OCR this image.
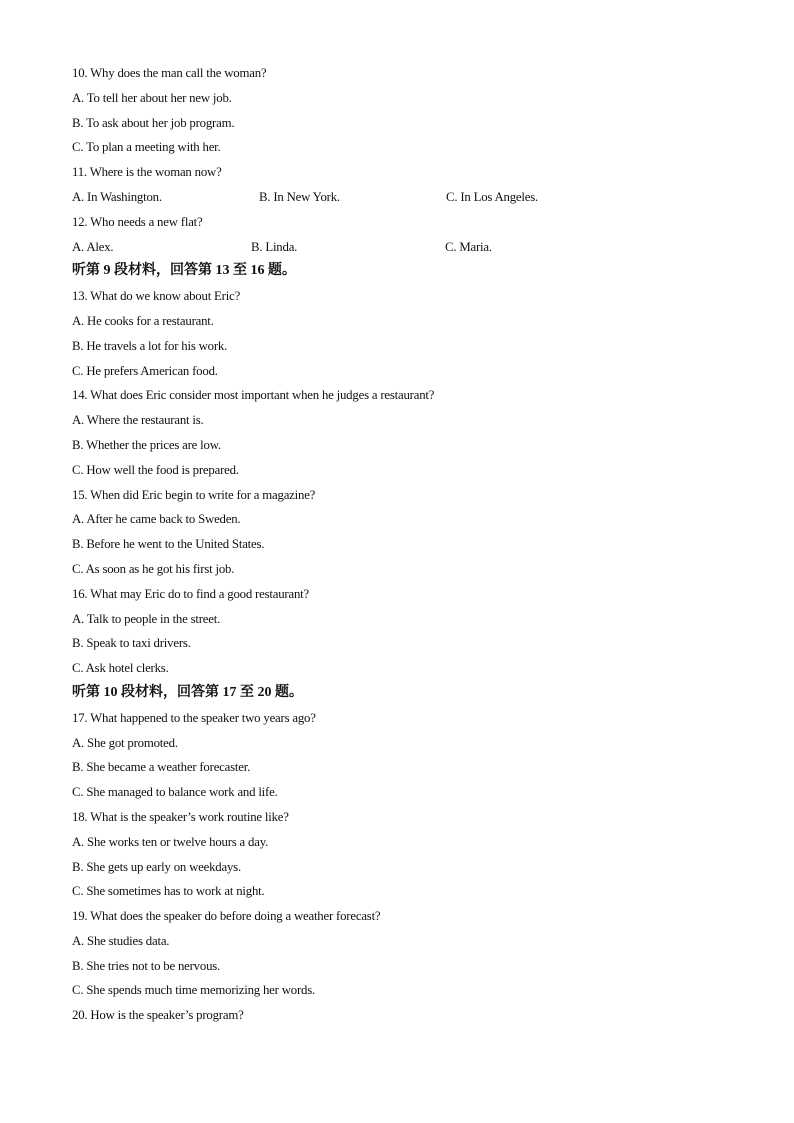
10. Why does the man call the woman?
A. To tell her about her new job.
B. To ask about her job program.
C. To plan a meeting with her.
11. Where is the woman now?
A. In Washington.	B. In New York.	C. In Los Angeles.
12. Who needs a new flat?
A. Alex.	B. Linda.	C. Maria.
听第 9 段材料，回答第 13 至 16 题。
13. What do we know about Eric?
A. He cooks for a restaurant.
B. He travels a lot for his work.
C. He prefers American food.
14. What does Eric consider most important when he judges a restaurant?
A. Where the restaurant is.
B. Whether the prices are low.
C. How well the food is prepared.
15. When did Eric begin to write for a magazine?
A. After he came back to Sweden.
B. Before he went to the United States.
C. As soon as he got his first job.
16. What may Eric do to find a good restaurant?
A. Talk to people in the street.
B. Speak to taxi drivers.
C. Ask hotel clerks.
听第 10 段材料，回答第 17 至 20 题。
17. What happened to the speaker two years ago?
A. She got promoted.
B. She became a weather forecaster.
C. She managed to balance work and life.
18. What is the speaker’s work routine like?
A. She works ten or twelve hours a day.
B. She gets up early on weekdays.
C. She sometimes has to work at night.
19. What does the speaker do before doing a weather forecast?
A. She studies data.
B. She tries not to be nervous.
C. She spends much time memorizing her words.
20. How is the speaker’s program?
